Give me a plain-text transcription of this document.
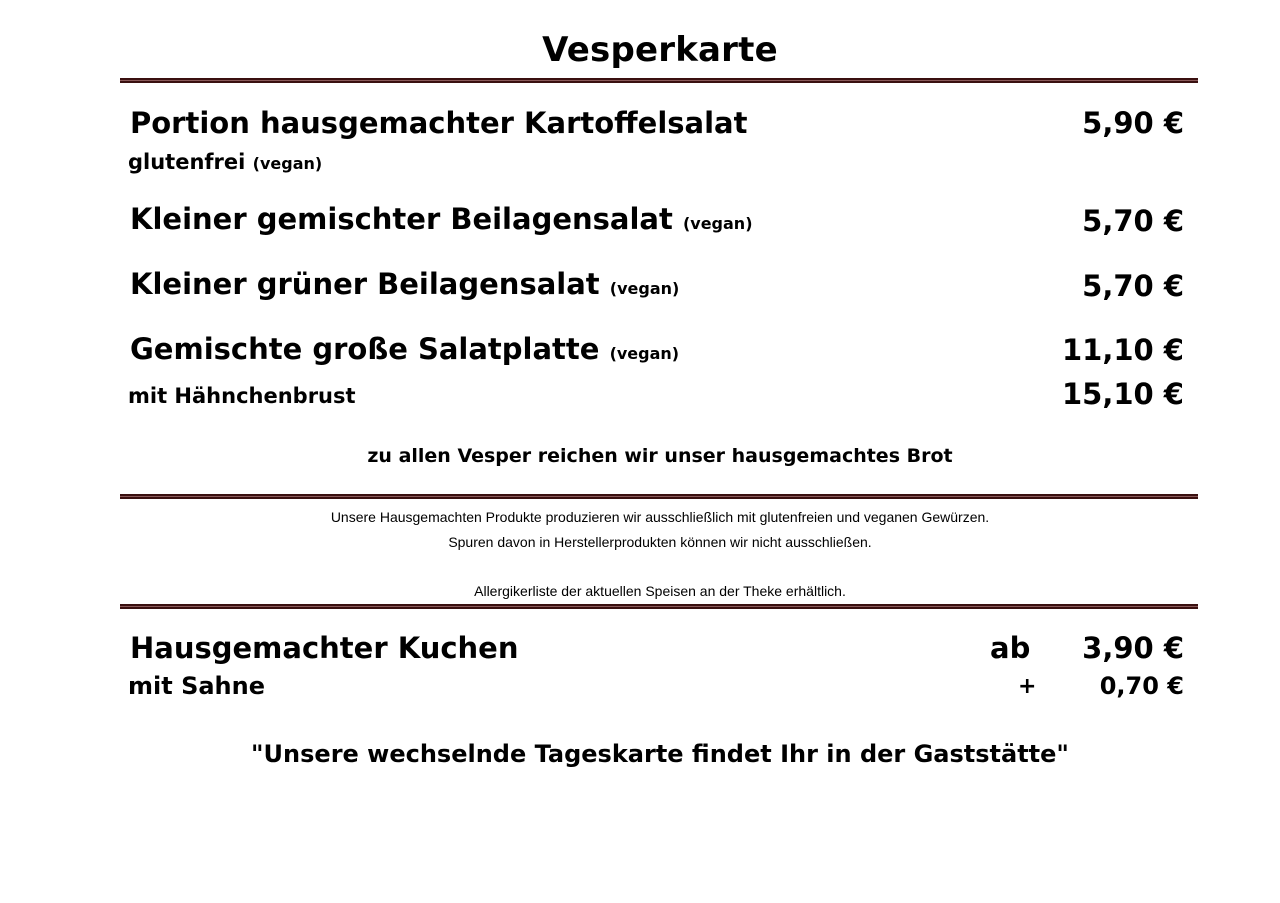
Vesperkarte
Portion hausgemachter Kartoffelsalat	5,90 €
glutenfrei (vegan)
Kleiner gemischter Beilagensalat (vegan)	5,70 €
Kleiner grüner Beilagensalat (vegan)	5,70 €
Gemischte große Salatplatte (vegan)	11,10 €
mit Hähnchenbrust	15,10 €
zu allen Vesper reichen wir unser hausgemachtes Brot
Unsere Hausgemachten Produkte produzieren wir ausschließlich mit glutenfreien und veganen Gewürzen.
Spuren davon in Herstellerprodukten können wir nicht ausschließen.
Allergikerliste der aktuellen Speisen an der Theke erhältlich.
Hausgemachter Kuchen	ab 3,90 €
mit Sahne	+	0,70 €
"Unsere wechselnde Tageskarte findet Ihr in der Gaststätte"
